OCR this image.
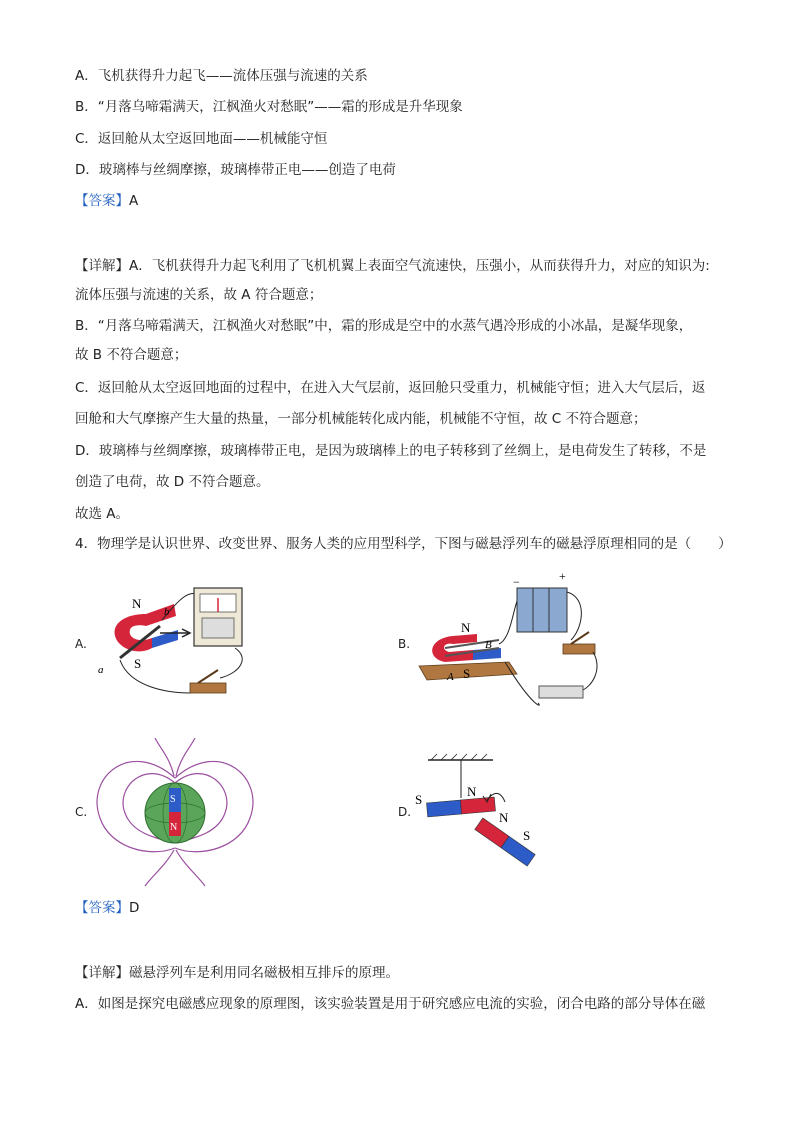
A．飞机获得升力起飞——流体压强与流速的关系
B．“月落乌啼霜满天，江枫渔火对愁眠”——霜的形成是升华现象
C．返回舱从太空返回地面——机械能守恒
D．玻璃棒与丝绸摩擦，玻璃棒带正电——创造了电荷
【答案】A
【详解】A．飞机获得升力起飞利用了飞机机翼上表面空气流速快，压强小，从而获得升力，对应的知识为:
流体压强与流速的关系，故 A 符合题意；
B．“月落乌啼霜满天，江枫渔火对愁眠”中，霜的形成是空中的水蒸气遇冷形成的小冰晶，是凝华现象，
故 B 不符合题意；
C．返回舱从太空返回地面的过程中，在进入大气层前，返回舱只受重力，机械能守恒；进入大气层后，返
回舱和大气摩擦产生大量的热量，一部分机械能转化成内能，机械能不守恒，故 C 不符合题意；
D．玻璃棒与丝绸摩擦，玻璃棒带正电，是因为玻璃棒上的电子转移到了丝绸上，是电荷发生了转移，不是
创造了电荷，故 D 不符合题意。
故选 A。
4．物理学是认识世界、改变世界、服务人类的应用型科学，下图与磁悬浮列车的磁悬浮原理相同的是（　　）
A.
N
S
a
b
B.
N
S
A
B
−	+
C.
S
N
D.
S
N
N
S
【答案】D
【详解】磁悬浮列车是利用同名磁极相互排斥的原理。
A．如图是探究电磁感应现象的原理图，该实验装置是用于研究感应电流的实验，闭合电路的部分导体在磁
